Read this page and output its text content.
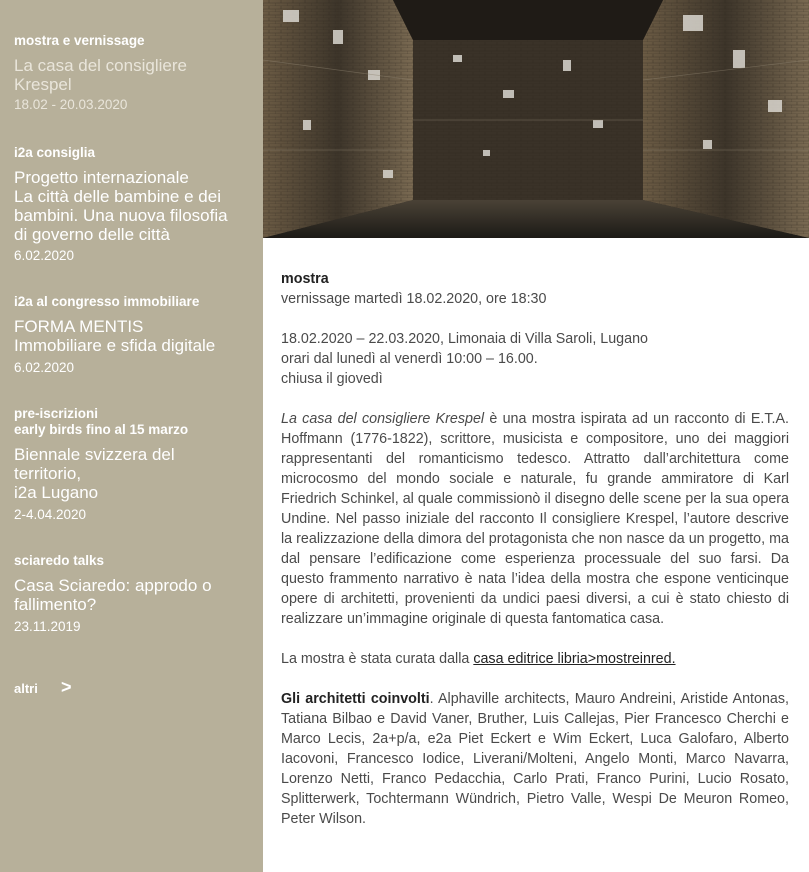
mostra e vernissage
La casa del consigliere
Krespel
18.02 - 20.03.2020
i2a consiglia
Progetto internazionale
La città delle bambine e dei
bambini. Una nuova filosofia
di governo delle città
6.02.2020
i2a al congresso immobiliare
FORMA MENTIS
Immobiliare e sfida digitale
6.02.2020
pre-iscrizioni
early birds fino al 15 marzo
Biennale svizzera del
territorio,
i2a Lugano
2-4.04.2020
sciaredo talks
Casa Sciaredo: approdo o
fallimento?
23.11.2019
altri >

mostra

vernissage martedì 18.02.2020, ore 18:30

18.02.2020 – 22.03.2020, Limonaia di Villa Saroli, Lugano

orari dal lunedì al venerdì 10:00 – 16.00.

chiusa il giovedì

La casa del consigliere Krespel è una mostra ispirata ad un racconto di E.T.A. Hoffmann (1776-1822), scrittore, musicista e compositore, uno dei maggiori rappresentanti del romanticismo tedesco. Attratto dall’architettura come microcosmo del mondo sociale e naturale, fu grande ammiratore di Karl Friedrich Schinkel, al quale commissionò il disegno delle scene per la sua opera Undine. Nel passo iniziale del racconto Il consigliere Krespel, l’autore descrive la realizzazione della dimora del protagonista che non nasce da un progetto, ma dal pensare l’edificazione come esperienza processuale del suo farsi. Da questo frammento narrativo è nata l’idea della mostra che espone venticinque opere di architetti, provenienti da undici paesi diversi, a cui è stato chiesto di realizzare un’immagine originale di questa fantomatica casa.

La mostra è stata curata dalla casa editrice libria>mostreinred.

Gli architetti coinvolti. Alphaville architects, Mauro Andreini, Aristide Antonas, Tatiana Bilbao e David Vaner, Bruther, Luis Callejas, Pier Francesco Cherchi e Marco Lecis, 2a+p/a, e2a Piet Eckert e Wim Eckert, Luca Galofaro, Alberto Iacovoni, Francesco Iodice, Liverani/Molteni, Angelo Monti, Marco Navarra, Lorenzo Netti, Franco Pedacchia, Carlo Prati, Franco Purini, Lucio Rosato, Splitterwerk, Tochtermann Wündrich, Pietro Valle, Wespi De Meuron Romeo, Peter Wilson.
